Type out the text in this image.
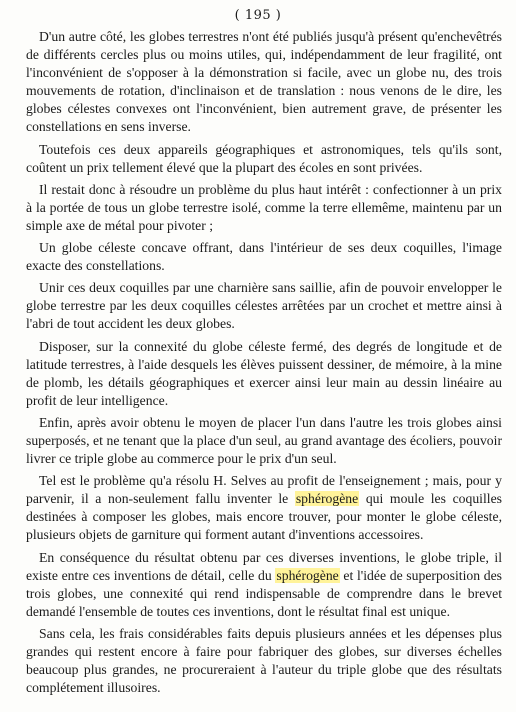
( 195 )

D'un autre côté, les globes terrestres n'ont été publiés jusqu'à présent qu'enchevêtrés de différents cercles plus ou moins utiles, qui, indépendamment de leur fragilité, ont l'inconvénient de s'opposer à la démonstration si facile, avec un globe nu, des trois mouvements de rotation, d'inclinaison et de translation : nous venons de le dire, les globes célestes convexes ont l'inconvénient, bien autrement grave, de présenter les constellations en sens inverse.

Toutefois ces deux appareils géographiques et astronomiques, tels qu'ils sont, coûtent un prix tellement élevé que la plupart des écoles en sont privées.

Il restait donc à résoudre un problème du plus haut intérêt : confectionner à un prix à la portée de tous un globe terrestre isolé, comme la terre ellemême, maintenu par un simple axe de métal pour pivoter ;

Un globe céleste concave offrant, dans l'intérieur de ses deux coquilles, l'image exacte des constellations.

Unir ces deux coquilles par une charnière sans saillie, afin de pouvoir envelopper le globe terrestre par les deux coquilles célestes arrêtées par un crochet et mettre ainsi à l'abri de tout accident les deux globes.

Disposer, sur la connexité du globe céleste fermé, des degrés de longitude et de latitude terrestres, à l'aide desquels les élèves puissent dessiner, de mémoire, à la mine de plomb, les détails géographiques et exercer ainsi leur main au dessin linéaire au profit de leur intelligence.

Enfin, après avoir obtenu le moyen de placer l'un dans l'autre les trois globes ainsi superposés, et ne tenant que la place d'un seul, au grand avantage des écoliers, pouvoir livrer ce triple globe au commerce pour le prix d'un seul.

Tel est le problème qu'a résolu H. Selves au profit de l'enseignement ; mais, pour y parvenir, il a non-seulement fallu inventer le sphérogène qui moule les coquilles destinées à composer les globes, mais encore trouver, pour monter le globe céleste, plusieurs objets de garniture qui forment autant d'inventions accessoires.

En conséquence du résultat obtenu par ces diverses inventions, le globe triple, il existe entre ces inventions de détail, celle du sphérogène et l'idée de superposition des trois globes, une connexité qui rend indispensable de comprendre dans le brevet demandé l'ensemble de toutes ces inventions, dont le résultat final est unique.

Sans cela, les frais considérables faits depuis plusieurs années et les dépenses plus grandes qui restent encore à faire pour fabriquer des globes, sur diverses échelles beaucoup plus grandes, ne procureraient à l'auteur du triple globe que des résultats complétement illusoires.
